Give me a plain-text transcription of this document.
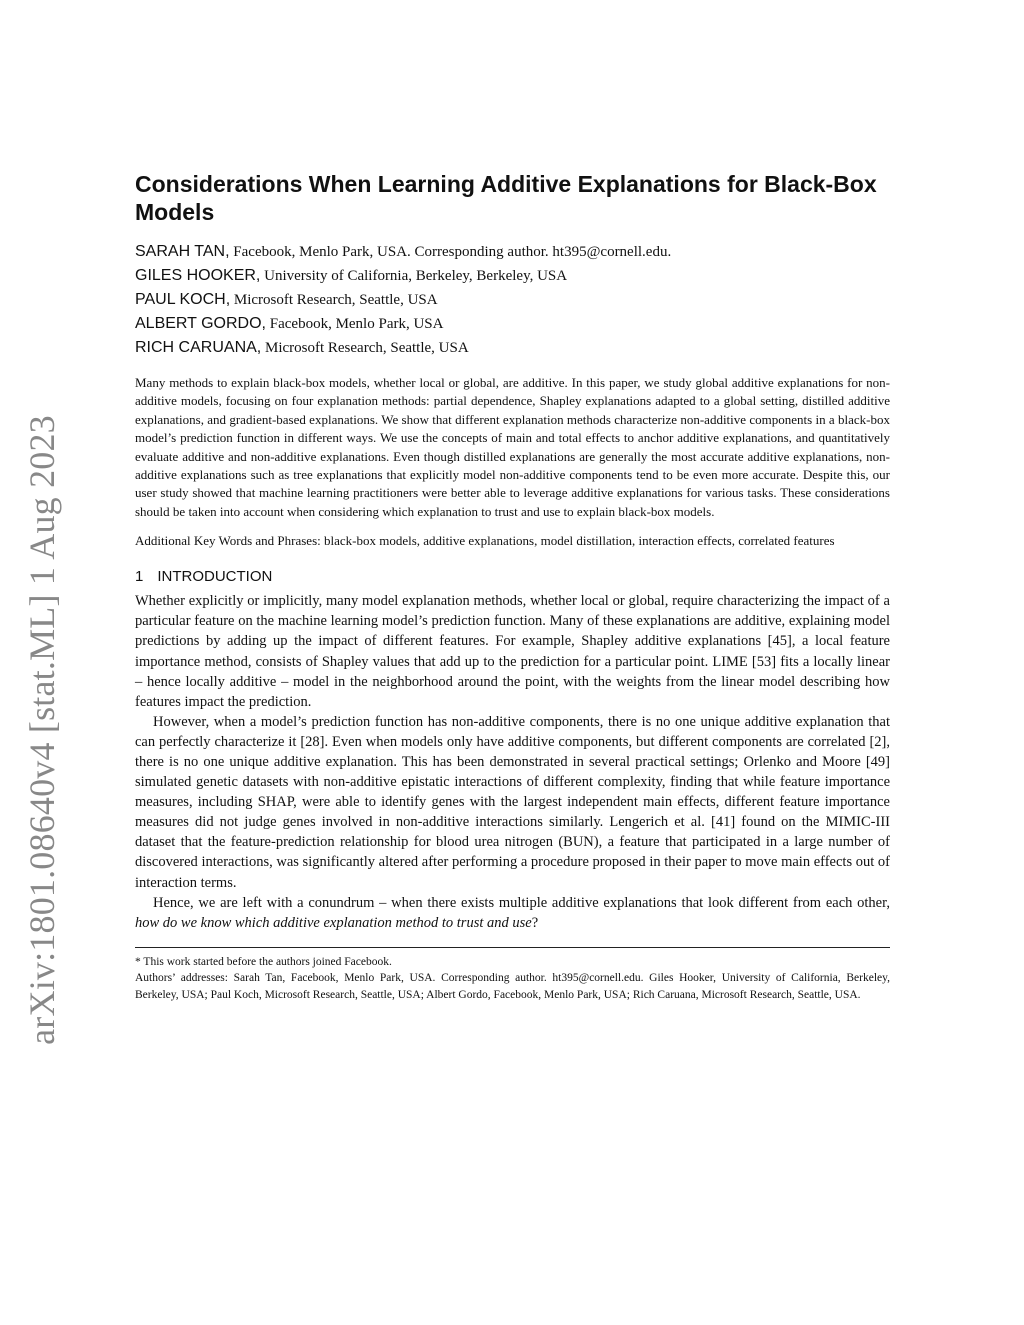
arXiv:1801.08640v4 [stat.ML] 1 Aug 2023
Considerations When Learning Additive Explanations for Black-Box Models
SARAH TAN, Facebook, Menlo Park, USA. Corresponding author. ht395@cornell.edu.
GILES HOOKER, University of California, Berkeley, Berkeley, USA
PAUL KOCH, Microsoft Research, Seattle, USA
ALBERT GORDO, Facebook, Menlo Park, USA
RICH CARUANA, Microsoft Research, Seattle, USA

Many methods to explain black-box models, whether local or global, are additive. In this paper, we study global additive explanations for non-additive models, focusing on four explanation methods: partial dependence, Shapley explanations adapted to a global setting, distilled additive explanations, and gradient-based explanations. We show that different explanation methods characterize non-additive components in a black-box model’s prediction function in different ways. We use the concepts of main and total effects to anchor additive explanations, and quantitatively evaluate additive and non-additive explanations. Even though distilled explanations are generally the most accurate additive explanations, non-additive explanations such as tree explanations that explicitly model non-additive components tend to be even more accurate. Despite this, our user study showed that machine learning practitioners were better able to leverage additive explanations for various tasks. These considerations should be taken into account when considering which explanation to trust and use to explain black-box models.

Additional Key Words and Phrases: black-box models, additive explanations, model distillation, interaction effects, correlated features

1 INTRODUCTION

Whether explicitly or implicitly, many model explanation methods, whether local or global, require characterizing the impact of a particular feature on the machine learning model’s prediction function. Many of these explanations are additive, explaining model predictions by adding up the impact of different features. For example, Shapley additive explanations [45], a local feature importance method, consists of Shapley values that add up to the prediction for a particular point. LIME [53] fits a locally linear – hence locally additive – model in the neighborhood around the point, with the weights from the linear model describing how features impact the prediction.

However, when a model’s prediction function has non-additive components, there is no one unique additive explanation that can perfectly characterize it [28]. Even when models only have additive components, but different components are correlated [2], there is no one unique additive explanation. This has been demonstrated in several practical settings; Orlenko and Moore [49] simulated genetic datasets with non-additive epistatic interactions of different complexity, finding that while feature importance measures, including SHAP, were able to identify genes with the largest independent main effects, different feature importance measures did not judge genes involved in non-additive interactions similarly. Lengerich et al. [41] found on the MIMIC-III dataset that the feature-prediction relationship for blood urea nitrogen (BUN), a feature that participated in a large number of discovered interactions, was significantly altered after performing a procedure proposed in their paper to move main effects out of interaction terms.

Hence, we are left with a conundrum – when there exists multiple additive explanations that look different from each other, how do we know which additive explanation method to trust and use?

* This work started before the authors joined Facebook.

Authors’ addresses: Sarah Tan, Facebook, Menlo Park, USA. Corresponding author. ht395@cornell.edu. Giles Hooker, University of California, Berkeley, Berkeley, USA; Paul Koch, Microsoft Research, Seattle, USA; Albert Gordo, Facebook, Menlo Park, USA; Rich Caruana, Microsoft Research, Seattle, USA.
